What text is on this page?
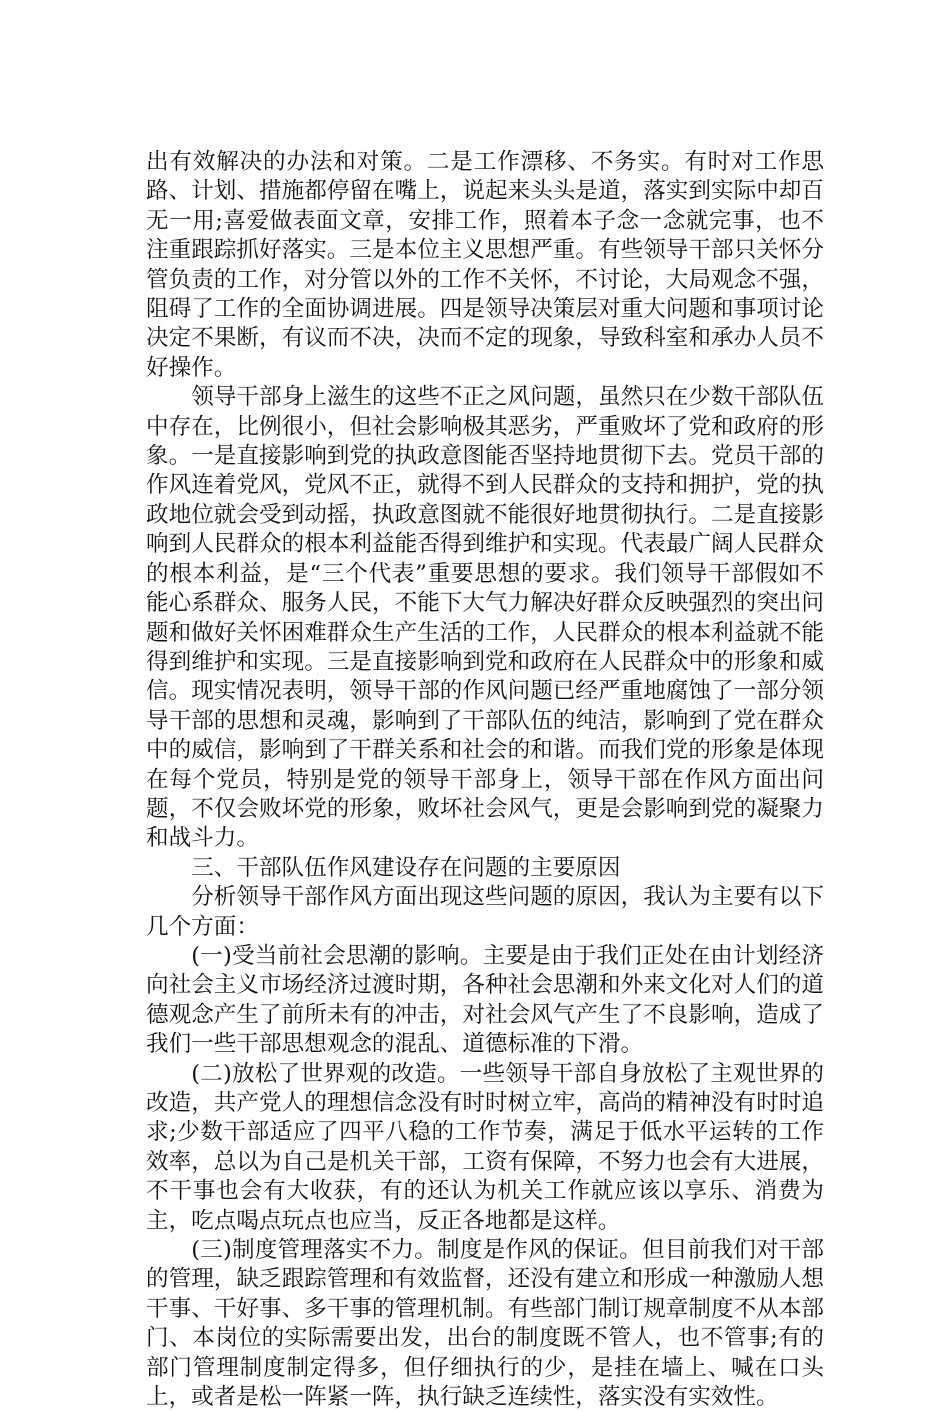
出有效解决的办法和对策。二是工作漂移、不务实。有时对工作思路、计划、措施都停留在嘴上，说起来头头是道，落实到实际中却百无一用;喜爱做表面文章，安排工作，照着本子念一念就完事，也不注重跟踪抓好落实。三是本位主义思想严重。有些领导干部只关怀分管负责的工作，对分管以外的工作不关怀，不讨论，大局观念不强，阻碍了工作的全面协调进展。四是领导决策层对重大问题和事项讨论决定不果断，有议而不决，决而不定的现象，导致科室和承办人员不好操作。

领导干部身上滋生的这些不正之风问题，虽然只在少数干部队伍中存在，比例很小，但社会影响极其恶劣，严重败坏了党和政府的形象。一是直接影响到党的执政意图能否坚持地贯彻下去。党员干部的作风连着党风，党风不正，就得不到人民群众的支持和拥护，党的执政地位就会受到动摇，执政意图就不能很好地贯彻执行。二是直接影响到人民群众的根本利益能否得到维护和实现。代表最广阔人民群众的根本利益，是“三个代表”重要思想的要求。我们领导干部假如不能心系群众、服务人民，不能下大气力解决好群众反映强烈的突出问题和做好关怀困难群众生产生活的工作，人民群众的根本利益就不能得到维护和实现。三是直接影响到党和政府在人民群众中的形象和威信。现实情况表明，领导干部的作风问题已经严重地腐蚀了一部分领导干部的思想和灵魂，影响到了干部队伍的纯洁，影响到了党在群众中的威信，影响到了干群关系和社会的和谐。而我们党的形象是体现在每个党员，特别是党的领导干部身上，领导干部在作风方面出问题，不仅会败坏党的形象，败坏社会风气，更是会影响到党的凝聚力和战斗力。

三、干部队伍作风建设存在问题的主要原因

分析领导干部作风方面出现这些问题的原因，我认为主要有以下几个方面：

(一)受当前社会思潮的影响。主要是由于我们正处在由计划经济向社会主义市场经济过渡时期，各种社会思潮和外来文化对人们的道德观念产生了前所未有的冲击，对社会风气产生了不良影响，造成了我们一些干部思想观念的混乱、道德标准的下滑。

(二)放松了世界观的改造。一些领导干部自身放松了主观世界的改造，共产党人的理想信念没有时时树立牢，高尚的精神没有时时追求;少数干部适应了四平八稳的工作节奏，满足于低水平运转的工作效率，总以为自己是机关干部，工资有保障，不努力也会有大进展，不干事也会有大收获，有的还认为机关工作就应该以享乐、消费为主，吃点喝点玩点也应当，反正各地都是这样。

(三)制度管理落实不力。制度是作风的保证。但目前我们对干部的管理，缺乏跟踪管理和有效监督，还没有建立和形成一种激励人想干事、干好事、多干事的管理机制。有些部门制订规章制度不从本部门、本岗位的实际需要出发，出台的制度既不管人，也不管事;有的部门管理制度制定得多，但仔细执行的少，是挂在墙上、喊在口头上，或者是松一阵紧一阵，执行缺乏连续性，落实没有实效性。
